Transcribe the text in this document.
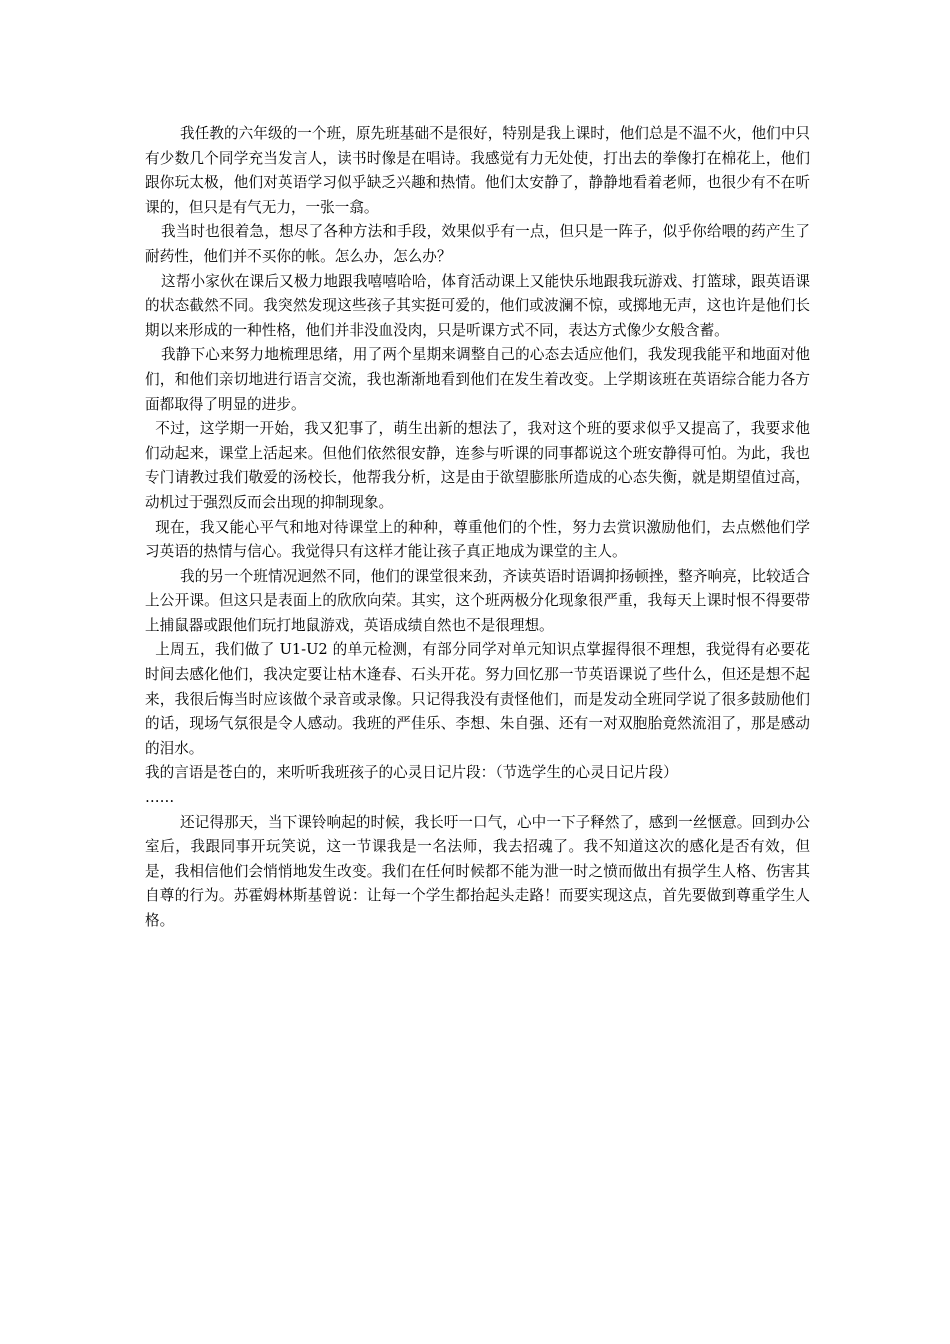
我任教的六年级的一个班，原先班基础不是很好，特别是我上课时，他们总是不温不火，他们中只有少数几个同学充当发言人，读书时像是在唱诗。我感觉有力无处使，打出去的拳像打在棉花上，他们跟你玩太极，他们对英语学习似乎缺乏兴趣和热情。他们太安静了，静静地看着老师，也很少有不在听课的，但只是有气无力，一张一翕。

我当时也很着急，想尽了各种方法和手段，效果似乎有一点，但只是一阵子，似乎你给喂的药产生了耐药性，他们并不买你的帐。怎么办，怎么办？

这帮小家伙在课后又极力地跟我嘻嘻哈哈，体育活动课上又能快乐地跟我玩游戏、打篮球，跟英语课的状态截然不同。我突然发现这些孩子其实挺可爱的，他们或波澜不惊，或掷地无声，这也许是他们长期以来形成的一种性格，他们并非没血没肉，只是听课方式不同，表达方式像少女般含蓄。

我静下心来努力地梳理思绪，用了两个星期来调整自己的心态去适应他们，我发现我能平和地面对他们，和他们亲切地进行语言交流，我也渐渐地看到他们在发生着改变。上学期该班在英语综合能力各方面都取得了明显的进步。

不过，这学期一开始，我又犯事了，萌生出新的想法了，我对这个班的要求似乎又提高了，我要求他们动起来，课堂上活起来。但他们依然很安静，连参与听课的同事都说这个班安静得可怕。为此，我也专门请教过我们敬爱的汤校长，他帮我分析，这是由于欲望膨胀所造成的心态失衡，就是期望值过高，动机过于强烈反而会出现的抑制现象。

现在，我又能心平气和地对待课堂上的种种，尊重他们的个性，努力去赏识激励他们，去点燃他们学习英语的热情与信心。我觉得只有这样才能让孩子真正地成为课堂的主人。

我的另一个班情况迥然不同，他们的课堂很来劲，齐读英语时语调抑扬顿挫，整齐响亮，比较适合上公开课。但这只是表面上的欣欣向荣。其实，这个班两极分化现象很严重，我每天上课时恨不得要带上捕鼠器或跟他们玩打地鼠游戏，英语成绩自然也不是很理想。

上周五，我们做了 U1-U2 的单元检测，有部分同学对单元知识点掌握得很不理想，我觉得有必要花时间去感化他们，我决定要让枯木逢春、石头开花。努力回忆那一节英语课说了些什么，但还是想不起来，我很后悔当时应该做个录音或录像。只记得我没有责怪他们，而是发动全班同学说了很多鼓励他们的话，现场气氛很是令人感动。我班的严佳乐、李想、朱自强、还有一对双胞胎竟然流泪了，那是感动的泪水。

我的言语是苍白的，来听听我班孩子的心灵日记片段：（节选学生的心灵日记片段）

……

还记得那天，当下课铃响起的时候，我长吁一口气，心中一下子释然了，感到一丝惬意。回到办公室后，我跟同事开玩笑说，这一节课我是一名法师，我去招魂了。我不知道这次的感化是否有效，但是，我相信他们会悄悄地发生改变。我们在任何时候都不能为泄一时之愤而做出有损学生人格、伤害其自尊的行为。苏霍姆林斯基曾说：让每一个学生都抬起头走路！而要实现这点，首先要做到尊重学生人格。
